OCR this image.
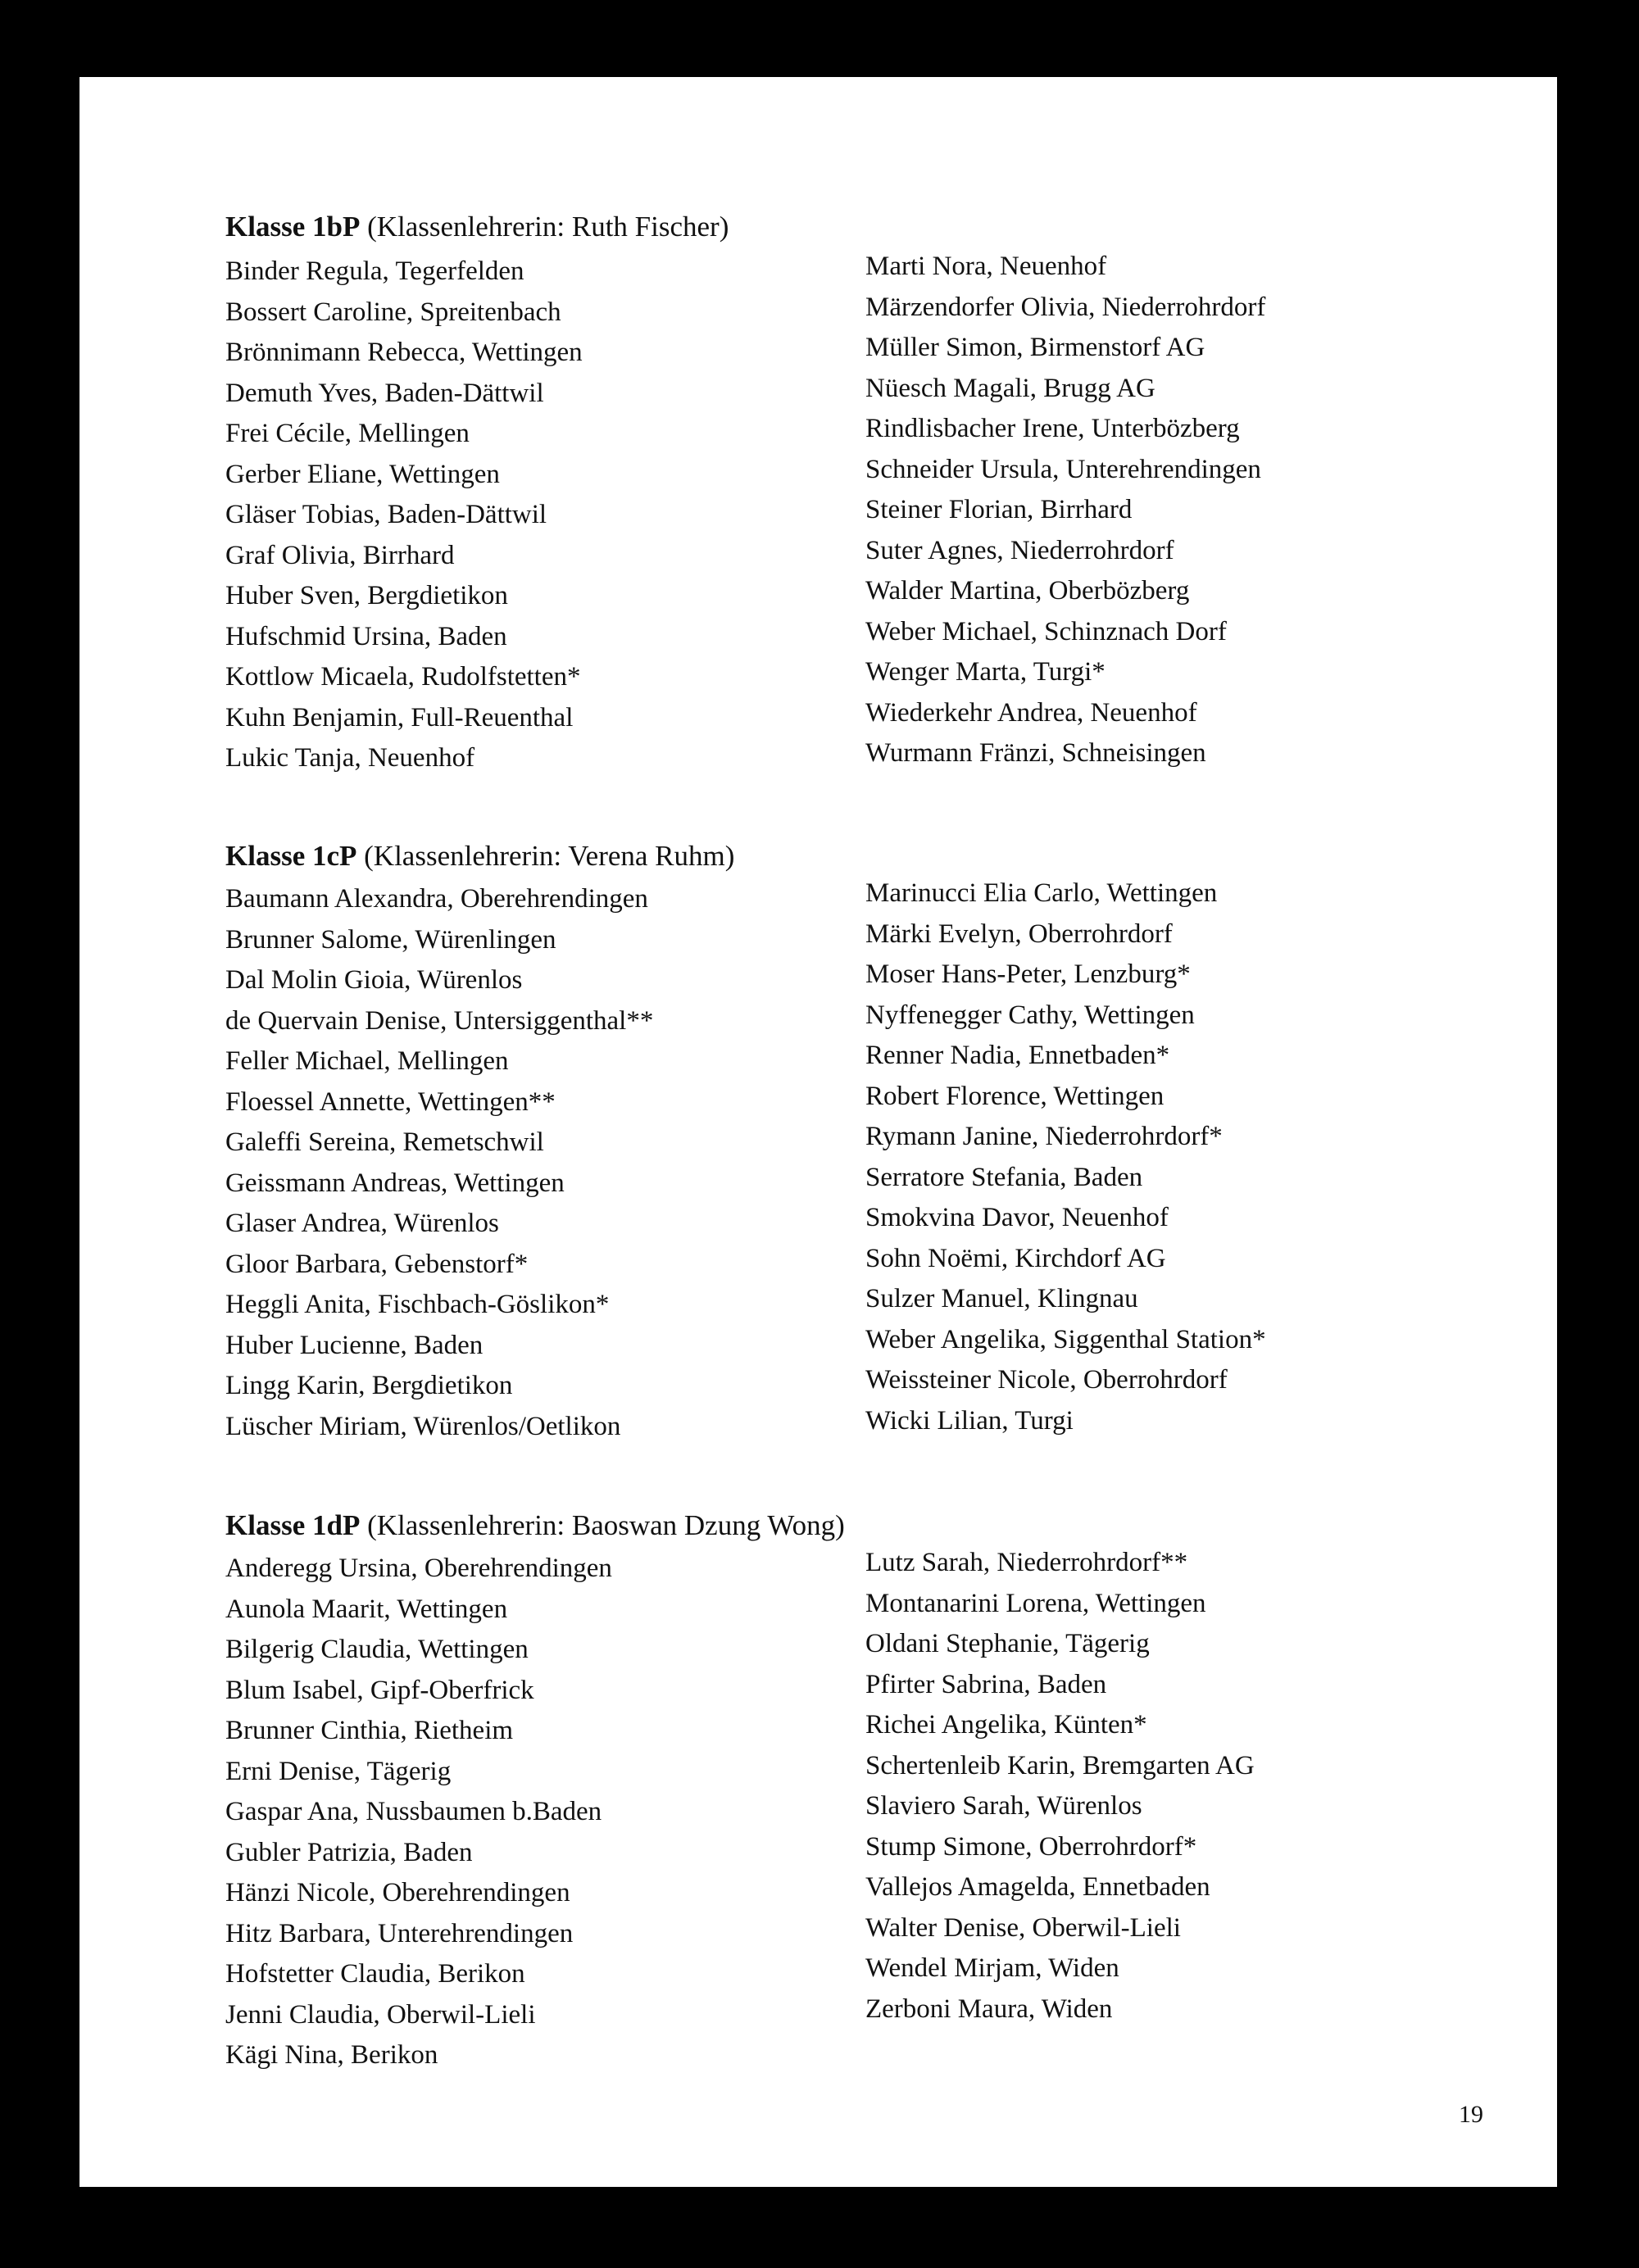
Klasse 1bP (Klassenlehrerin: Ruth Fischer)
Binder Regula, Tegerfelden
Bossert Caroline, Spreitenbach
Brönnimann Rebecca, Wettingen
Demuth Yves, Baden-Dättwil
Frei Cécile, Mellingen
Gerber Eliane, Wettingen
Gläser Tobias, Baden-Dättwil
Graf Olivia, Birrhard
Huber Sven, Bergdietikon
Hufschmid Ursina, Baden
Kottlow Micaela, Rudolfstetten*
Kuhn Benjamin, Full-Reuenthal
Lukic Tanja, Neuenhof
Marti Nora, Neuenhof
Märzendorfer Olivia, Niederrohrdorf
Müller Simon, Birmenstorf AG
Nüesch Magali, Brugg AG
Rindlisbacher Irene, Unterbözberg
Schneider Ursula, Unterehrendingen
Steiner Florian, Birrhard
Suter Agnes, Niederrohrdorf
Walder Martina, Oberbözberg
Weber Michael, Schinznach Dorf
Wenger Marta, Turgi*
Wiederkehr Andrea, Neuenhof
Wurmann Fränzi, Schneisingen
Klasse 1cP (Klassenlehrerin: Verena Ruhm)
Baumann Alexandra, Oberehrendingen
Brunner Salome, Würenlingen
Dal Molin Gioia, Würenlos
de Quervain Denise, Untersiggenthal**
Feller Michael, Mellingen
Floessel Annette, Wettingen**
Galeffi Sereina, Remetschwil
Geissmann Andreas, Wettingen
Glaser Andrea, Würenlos
Gloor Barbara, Gebenstorf*
Heggli Anita, Fischbach-Göslikon*
Huber Lucienne, Baden
Lingg Karin, Bergdietikon
Lüscher Miriam, Würenlos/Oetlikon
Marinucci Elia Carlo, Wettingen
Märki Evelyn, Oberrohrdorf
Moser Hans-Peter, Lenzburg*
Nyffenegger Cathy, Wettingen
Renner Nadia, Ennetbaden*
Robert Florence, Wettingen
Rymann Janine, Niederrohrdorf*
Serratore Stefania, Baden
Smokvina Davor, Neuenhof
Sohn Noëmi, Kirchdorf AG
Sulzer Manuel, Klingnau
Weber Angelika, Siggenthal Station*
Weissteiner Nicole, Oberrohrdorf
Wicki Lilian, Turgi
Klasse 1dP (Klassenlehrerin: Baoswan Dzung Wong)
Anderegg Ursina, Oberehrendingen
Aunola Maarit, Wettingen
Bilgerig Claudia, Wettingen
Blum Isabel, Gipf-Oberfrick
Brunner Cinthia, Rietheim
Erni Denise, Tägerig
Gaspar Ana, Nussbaumen b.Baden
Gubler Patrizia, Baden
Hänzi Nicole, Oberehrendingen
Hitz Barbara, Unterehrendingen
Hofstetter Claudia, Berikon
Jenni Claudia, Oberwil-Lieli
Kägi Nina, Berikon
Lutz Sarah, Niederrohrdorf**
Montanarini Lorena, Wettingen
Oldani Stephanie, Tägerig
Pfirter Sabrina, Baden
Richei Angelika, Künten*
Schertenleib Karin, Bremgarten AG
Slaviero Sarah, Würenlos
Stump Simone, Oberrohrdorf*
Vallejos Amagelda, Ennetbaden
Walter Denise, Oberwil-Lieli
Wendel Mirjam, Widen
Zerboni Maura, Widen
19
